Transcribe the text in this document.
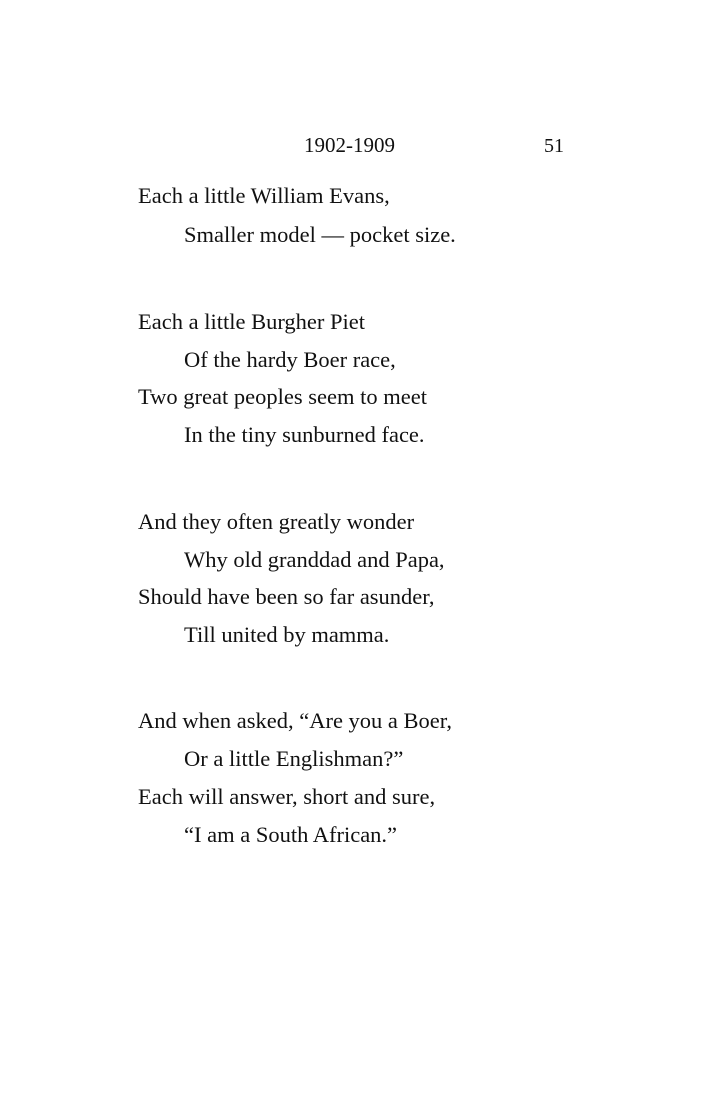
1902-1909	51
Each a little William Evans,
Smaller model — pocket size.
Each a little Burgher Piet
Of the hardy Boer race,
Two great peoples seem to meet
In the tiny sunburned face.
And they often greatly wonder
Why old granddad and Papa,
Should have been so far asunder,
Till united by mamma.
And when asked, “Are you a Boer,
Or a little Englishman?”
Each will answer, short and sure,
“I am a South African.”
